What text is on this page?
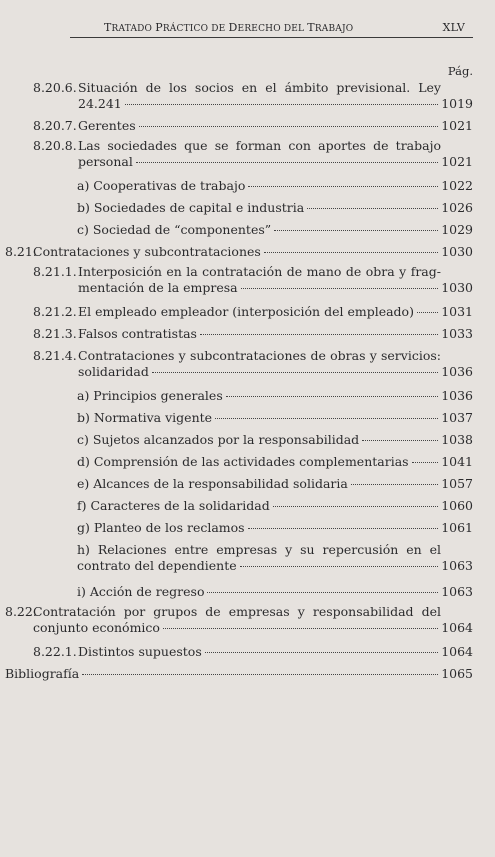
TRATADO PRÁCTICO DE DERECHO DEL TRABAJO	XLV
Pág.
8.20.6. Situación de los socios en el ámbito previsional. Ley
24.241	1019
8.20.7. Gerentes	1021
8.20.8. Las sociedades que se forman con aportes de trabajo
personal	1021
a) Cooperativas de trabajo	1022
b) Sociedades de capital e industria	1026
c) Sociedad de “componentes”	1029
8.21.
Contrataciones y subcontrataciones	1030
8.21.1. Interposición en la contratación de mano de obra y frag-
mentación de la empresa	1030
8.21.2. El empleado empleador (interposición del empleado) 1031
8.21.3. Falsos contratistas	1033
8.21.4. Contrataciones y subcontrataciones de obras y servicios:
solidaridad	1036
a) Principios generales	1036
b) Normativa vigente	1037
c) Sujetos alcanzados por la responsabilidad	1038
d) Comprensión de las actividades complementarias	1041
e) Alcances de la responsabilidad solidaria	1057
f) Caracteres de la solidaridad	1060
g) Planteo de los reclamos	1061
h) Relaciones entre empresas y su repercusión en el
contrato del dependiente	1063
i) Acción de regreso	1063
8.22.
Contratación por grupos de empresas y responsabilidad del
conjunto económico	1064
8.22.1. Distintos supuestos	1064
Bibliografía	1065
